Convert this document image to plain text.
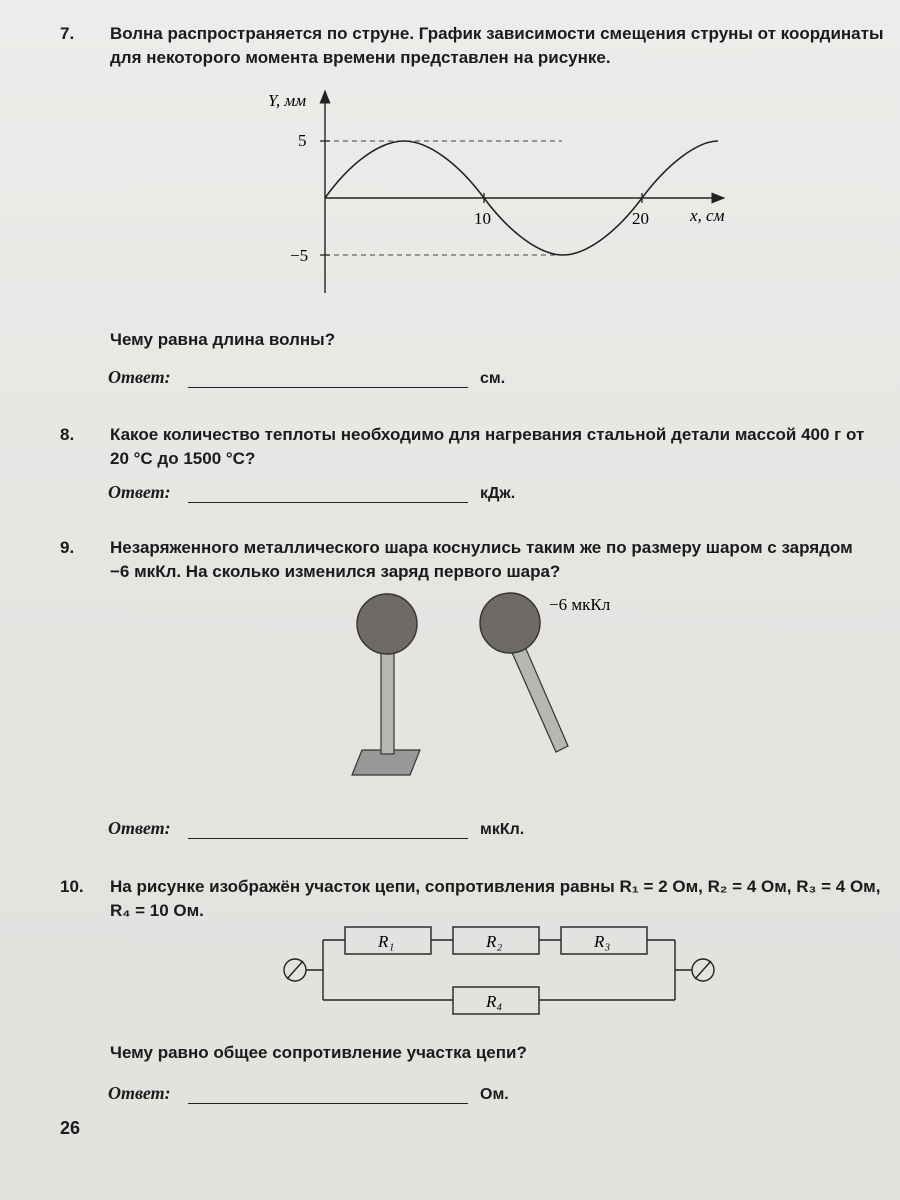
7. Волна распространяется по струне. График зависимости смещения струны от координаты
для некоторого момента времени представлен на рисунке.
Y, мм
x, см
5
−5
10	20
Чему равна длина волны?
Ответ:	см.
8. Какое количество теплоты необходимо для нагревания стальной детали массой 400 г от
20 °С до 1500 °С?
Ответ:	кДж.
9. Незаряженного металлического шара коснулись таким же по размеру шаром с зарядом
−6 мкКл. На сколько изменился заряд первого шара?
−6 мкКл
Ответ:	мкКл.
10. На рисунке изображён участок цепи, сопротивления равны R₁ = 2 Ом, R₂ = 4 Ом, R₃ = 4 Ом,
R₄ = 10 Ом.
R₁	R₂	R₃
R₄
Чему равно общее сопротивление участка цепи?
Ответ:	Ом.
26
